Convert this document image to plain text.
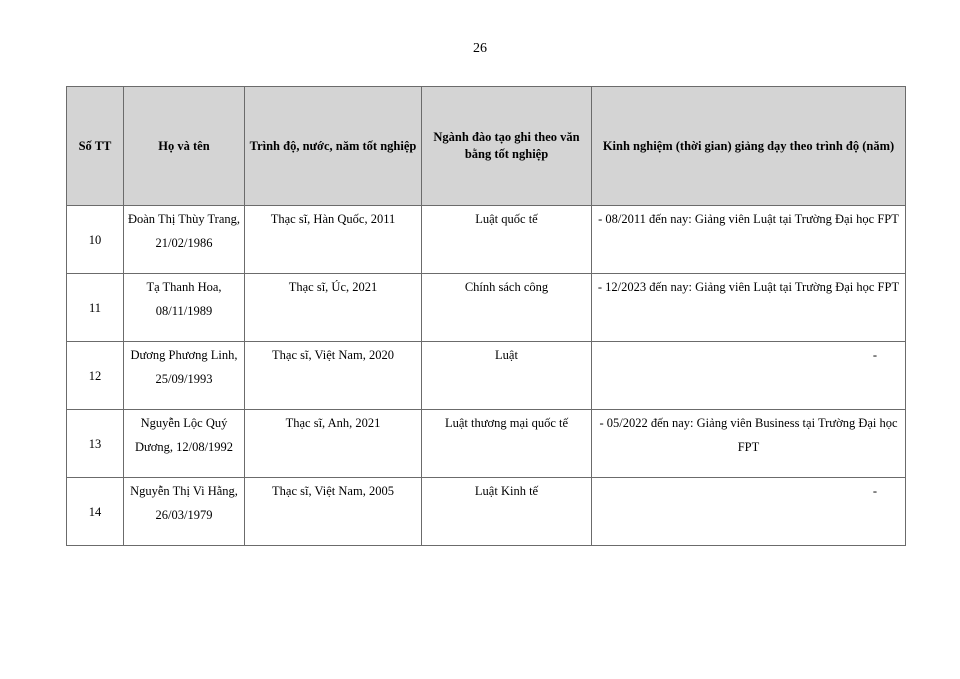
26
Số TT	Họ và tên	Trình độ, nước, năm tốt nghiệp	Ngành đào tạo ghi theo văn bằng tốt nghiệp	Kinh nghiệm (thời gian) giảng dạy theo trình độ (năm)
10	Đoàn Thị Thùy Trang, 21/02/1986	Thạc sĩ, Hàn Quốc, 2011	Luật quốc tế	- 08/2011 đến nay: Giảng viên Luật tại Trường Đại học FPT
11	Tạ Thanh Hoa, 08/11/1989	Thạc sĩ, Úc, 2021	Chính sách công	- 12/2023 đến nay: Giảng viên Luật tại Trường Đại học FPT
12	Dương Phương Linh, 25/09/1993	Thạc sĩ, Việt Nam, 2020	Luật	-
13	Nguyễn Lộc Quý Dương, 12/08/1992	Thạc sĩ, Anh, 2021	Luật thương mại quốc tế	- 05/2022 đến nay: Giảng viên Business tại Trường Đại học FPT
14	Nguyễn Thị Vi Hằng, 26/03/1979	Thạc sĩ, Việt Nam, 2005	Luật Kinh tế	-
